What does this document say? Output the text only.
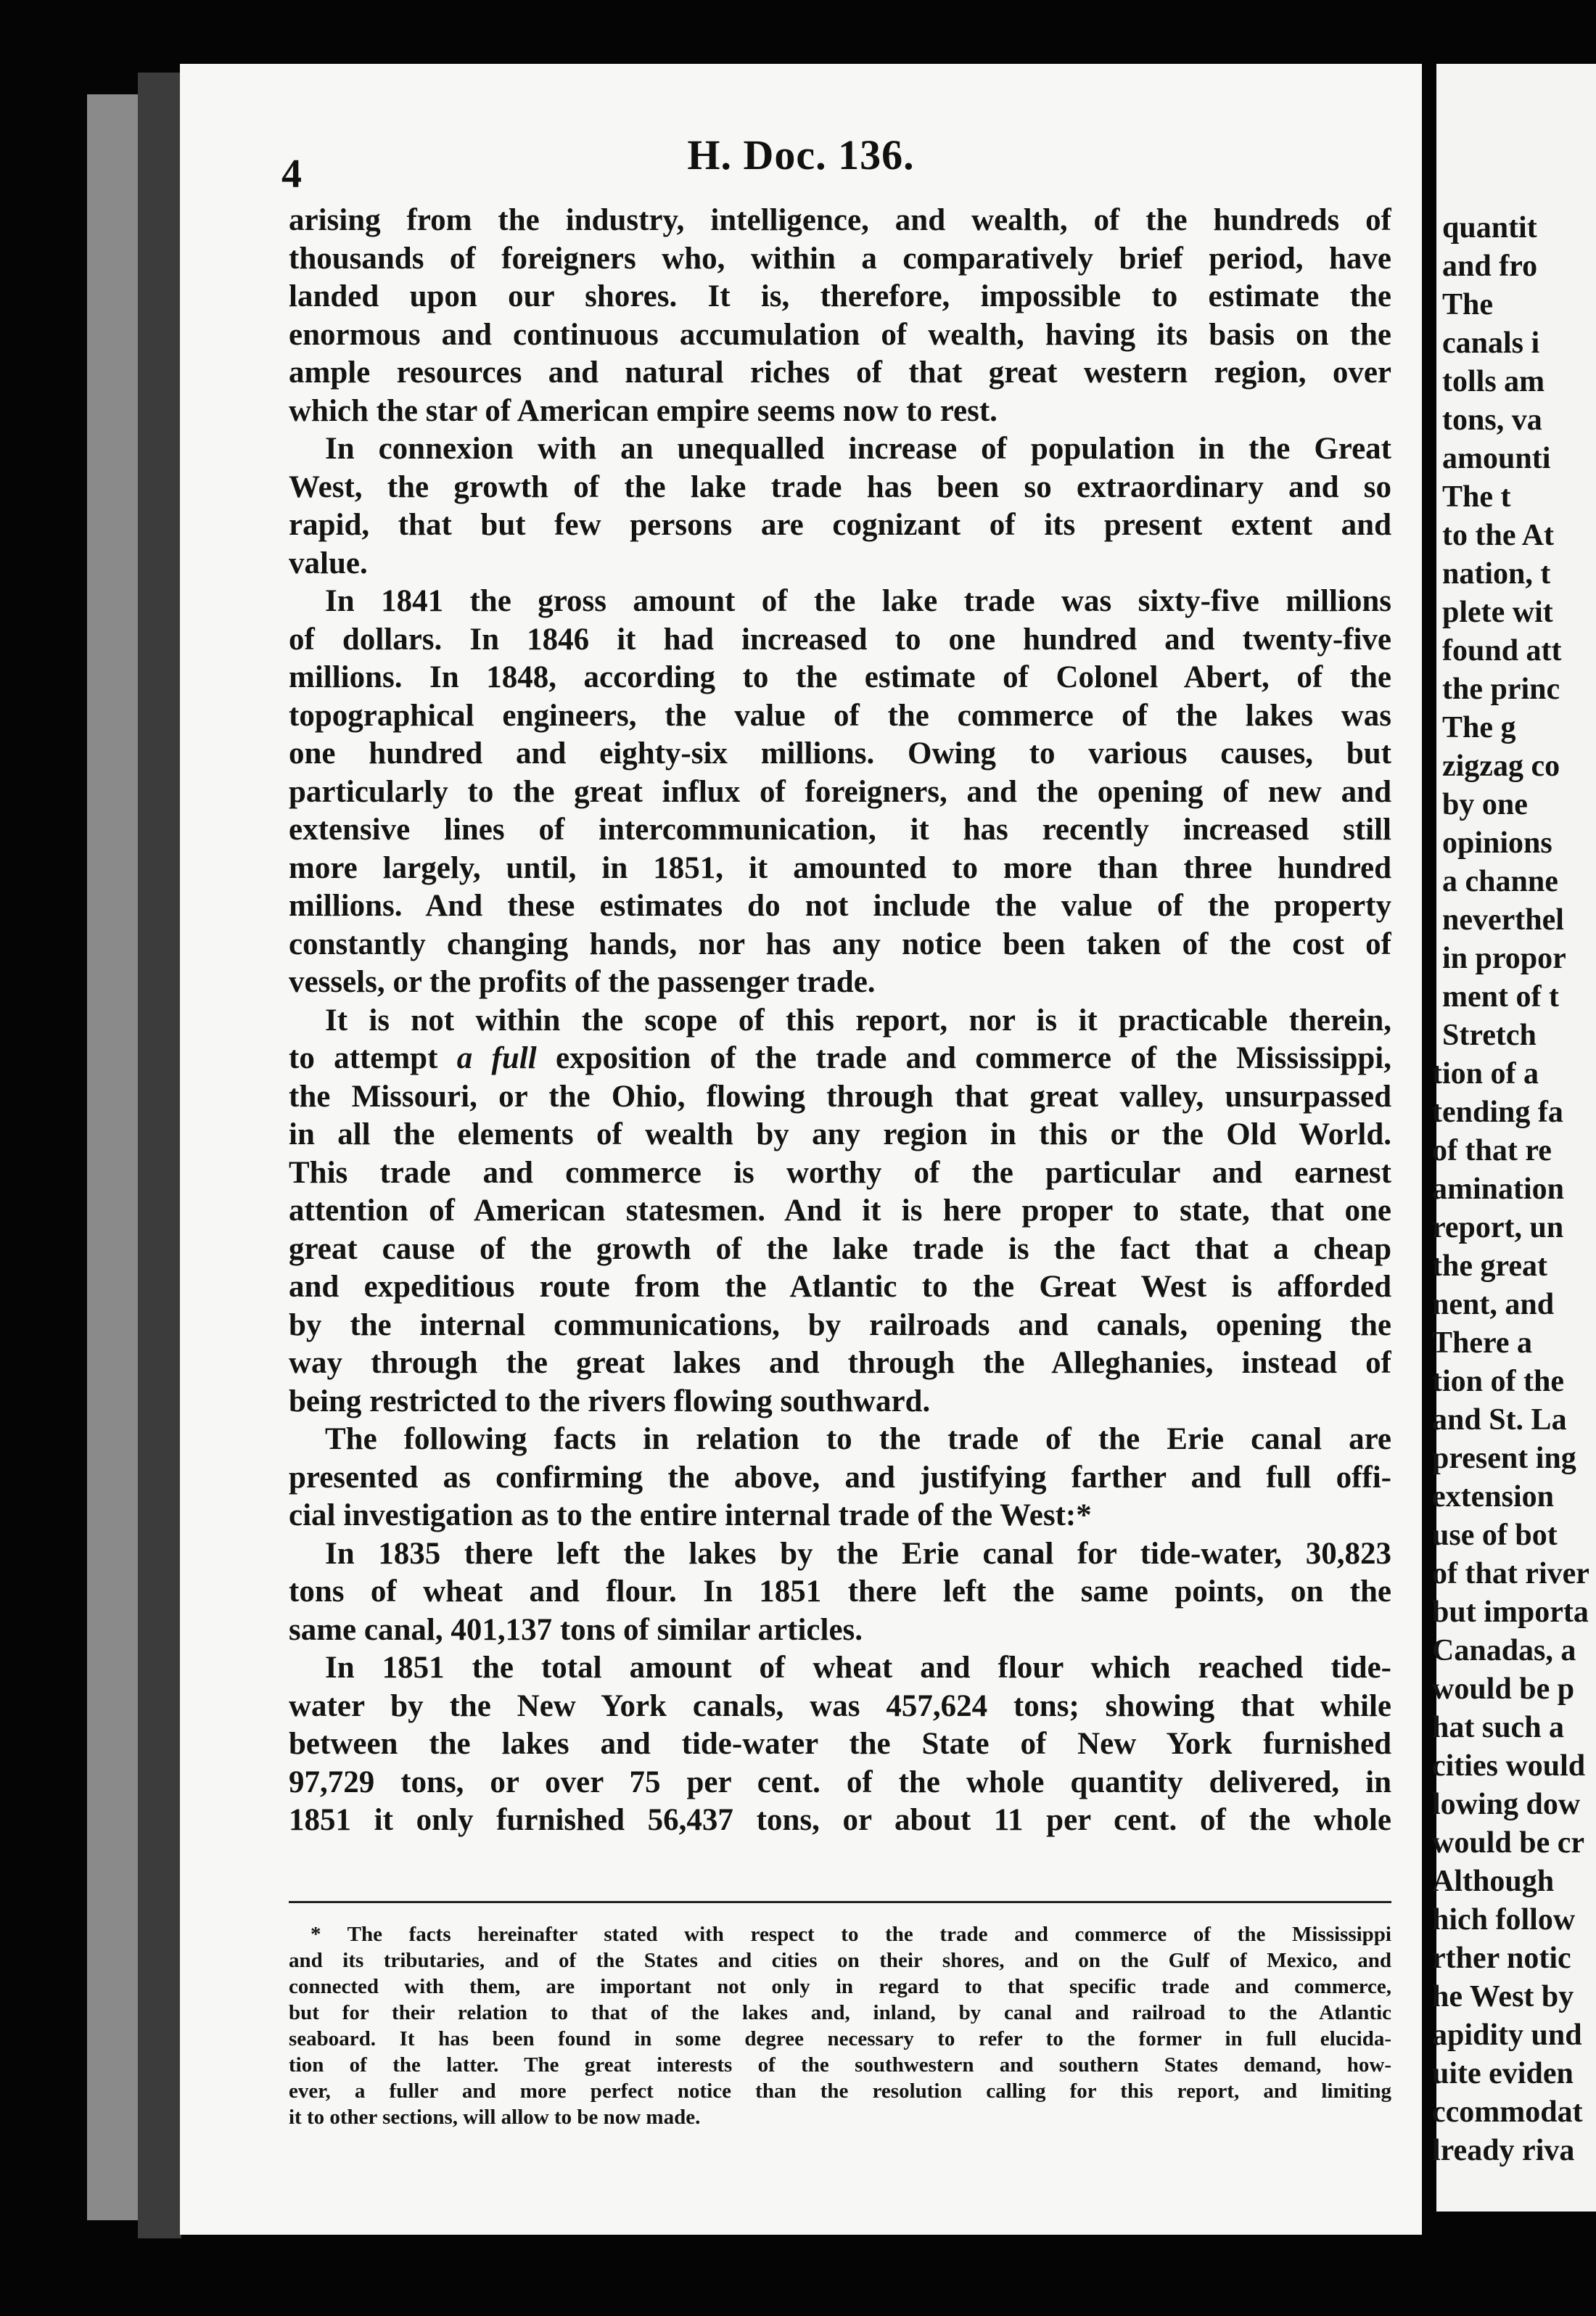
4	H. Doc. 136.
arising from the industry, intelligence, and wealth, of the hundreds of
thousands of foreigners who, within a comparatively brief period, have
landed upon our shores. It is, therefore, impossible to estimate the
enormous and continuous accumulation of wealth, having its basis on the
ample resources and natural riches of that great western region, over
which the star of American empire seems now to rest.
In connexion with an unequalled increase of population in the Great
West, the growth of the lake trade has been so extraordinary and so
rapid, that but few persons are cognizant of its present extent and
value.
In 1841 the gross amount of the lake trade was sixty-five millions
of dollars. In 1846 it had increased to one hundred and twenty-five
millions. In 1848, according to the estimate of Colonel Abert, of the
topographical engineers, the value of the commerce of the lakes was
one hundred and eighty-six millions. Owing to various causes, but
particularly to the great influx of foreigners, and the opening of new and
extensive lines of intercommunication, it has recently increased still
more largely, until, in 1851, it amounted to more than three hundred
millions. And these estimates do not include the value of the property
constantly changing hands, nor has any notice been taken of the cost of
vessels, or the profits of the passenger trade.
It is not within the scope of this report, nor is it practicable therein,
to attempt a full exposition of the trade and commerce of the Mississippi,
the Missouri, or the Ohio, flowing through that great valley, unsurpassed
in all the elements of wealth by any region in this or the Old World.
This trade and commerce is worthy of the particular and earnest
attention of American statesmen. And it is here proper to state, that one
great cause of the growth of the lake trade is the fact that a cheap
and expeditious route from the Atlantic to the Great West is afforded
by the internal communications, by railroads and canals, opening the
way through the great lakes and through the Alleghanies, instead of
being restricted to the rivers flowing southward.
The following facts in relation to the trade of the Erie canal are
presented as confirming the above, and justifying farther and full offi-
cial investigation as to the entire internal trade of the West:*
In 1835 there left the lakes by the Erie canal for tide-water, 30,823
tons of wheat and flour. In 1851 there left the same points, on the
same canal, 401,137 tons of similar articles.
In 1851 the total amount of wheat and flour which reached tide-
water by the New York canals, was 457,624 tons; showing that while
between the lakes and tide-water the State of New York furnished
97,729 tons, or over 75 per cent. of the whole quantity delivered, in
1851 it only furnished 56,437 tons, or about 11 per cent. of the whole
* The facts hereinafter stated with respect to the trade and commerce of the Mississippi
and its tributaries, and of the States and cities on their shores, and on the Gulf of Mexico, and
connected with them, are important not only in regard to that specific trade and commerce,
but for their relation to that of the lakes and, inland, by canal and railroad to the Atlantic
seaboard. It has been found in some degree necessary to refer to the former in full elucida-
tion of the latter. The great interests of the southwestern and southern States demand, how-
ever, a fuller and more perfect notice than the resolution calling for this report, and limiting
it to other sections, will allow to be now made.
quantit
and fro
The
canals i
tolls am
tons, va
amounti
The t
to the At
nation, t
plete wit
found att
the princ
The g
zigzag co
by one
opinions
a channe
neverthel
in propor
ment of t
Stretch
tion of a
tending fa
of that re
amination
report, un
the great
nent, and
There a
tion of the
and St. La
present ing
extension
use of bot
of that river
but importa
Canadas, a
would be p
hat such a
cities would
lowing dow
would be cr
Although
hich follow
rther notic
he West by
apidity und
uite eviden
ccommodat
lready riva
